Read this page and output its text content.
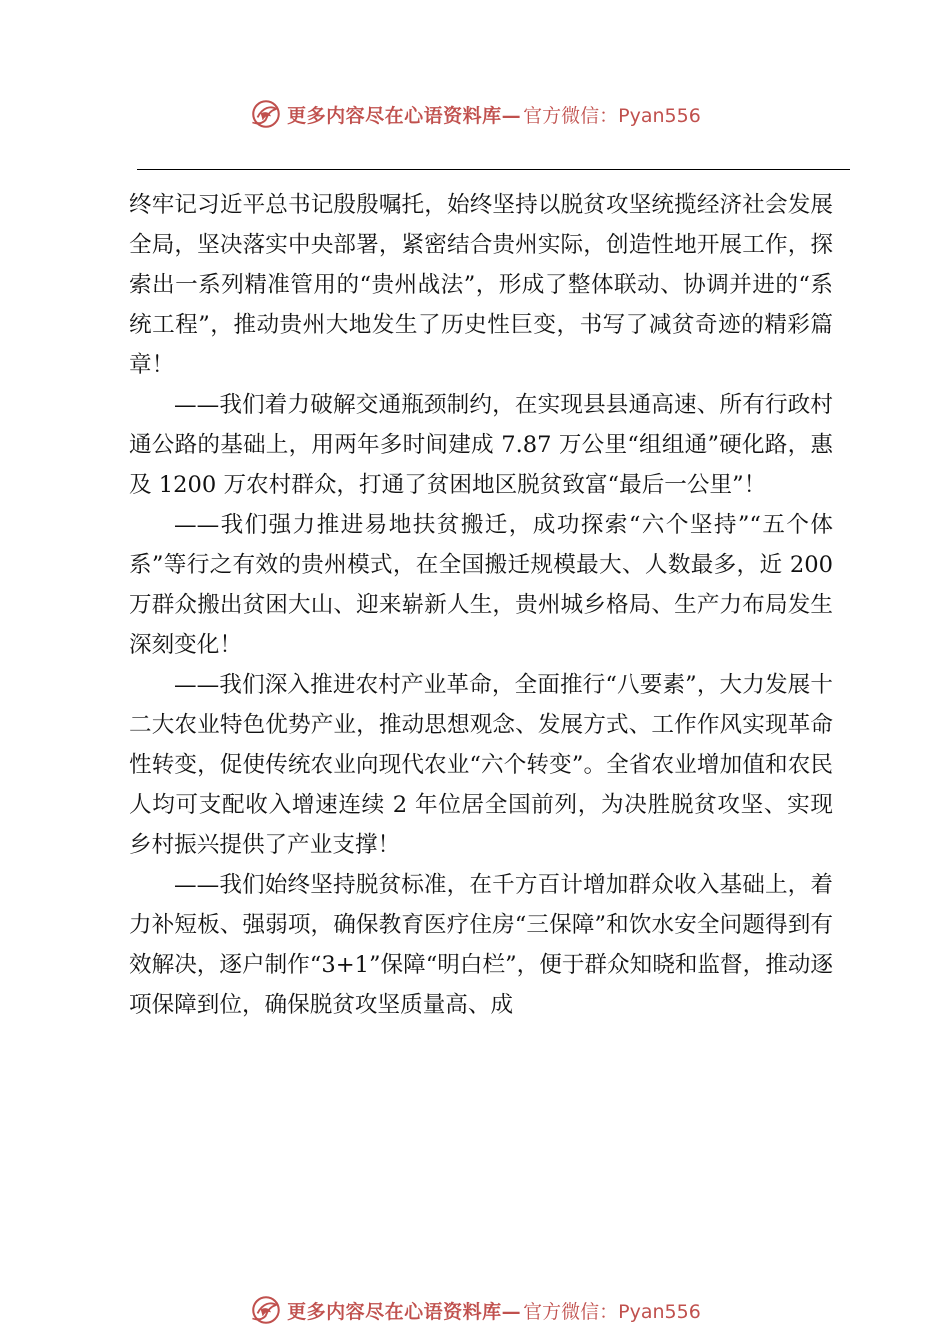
更多内容尽在心语资料库— 官方微信：Pyan556

终牢记习近平总书记殷殷嘱托，始终坚持以脱贫攻坚统揽经济社会发展全局，坚决落实中央部署，紧密结合贵州实际，创造性地开展工作，探索出一系列精准管用的“贵州战法”，形成了整体联动、协调并进的“系统工程”，推动贵州大地发生了历史性巨变，书写了减贫奇迹的精彩篇章！

——我们着力破解交通瓶颈制约，在实现县县通高速、所有行政村通公路的基础上，用两年多时间建成 7.87 万公里“组组通”硬化路，惠及 1200 万农村群众，打通了贫困地区脱贫致富“最后一公里”！

——我们强力推进易地扶贫搬迁，成功探索“六个坚持”“五个体系”等行之有效的贵州模式，在全国搬迁规模最大、人数最多，近 200 万群众搬出贫困大山、迎来崭新人生，贵州城乡格局、生产力布局发生深刻变化！

——我们深入推进农村产业革命，全面推行“八要素”，大力发展十二大农业特色优势产业，推动思想观念、发展方式、工作作风实现革命性转变，促使传统农业向现代农业“六个转变”。全省农业增加值和农民人均可支配收入增速连续 2 年位居全国前列，为决胜脱贫攻坚、实现乡村振兴提供了产业支撑！

——我们始终坚持脱贫标准，在千方百计增加群众收入基础上，着力补短板、强弱项，确保教育医疗住房“三保障”和饮水安全问题得到有效解决，逐户制作“3+1”保障“明白栏”，便于群众知晓和监督，推动逐项保障到位，确保脱贫攻坚质量高、成

更多内容尽在心语资料库— 官方微信：Pyan556
